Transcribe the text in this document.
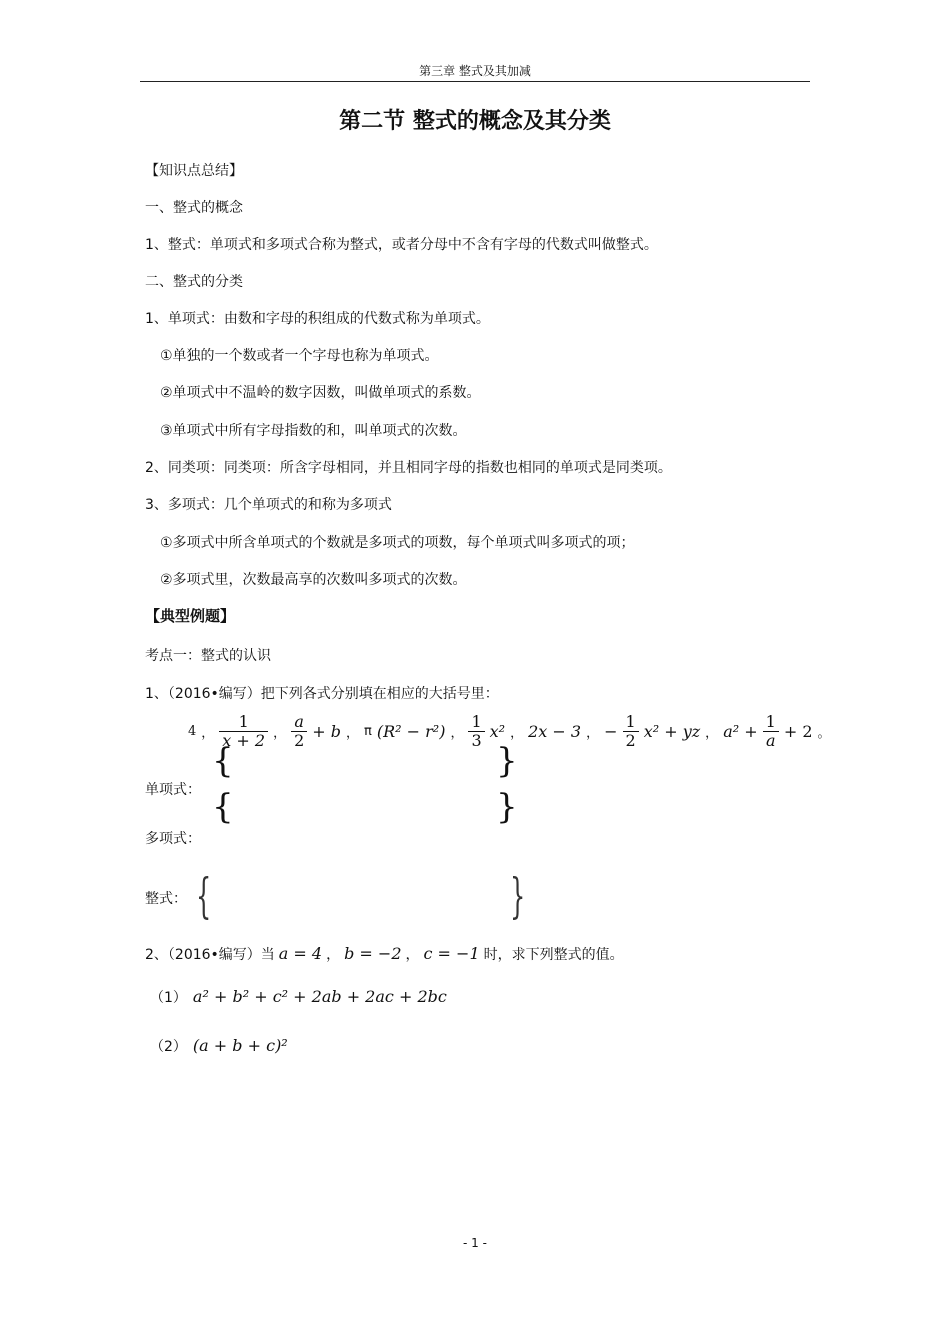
第三章 整式及其加减
第二节 整式的概念及其分类
【知识点总结】
一、整式的概念
1、整式：单项式和多项式合称为整式，或者分母中不含有字母的代数式叫做整式。
二、整式的分类
1、单项式：由数和字母的积组成的代数式称为单项式。
①单独的一个数或者一个字母也称为单项式。
②单项式中不温岭的数字因数，叫做单项式的系数。
③单项式中所有字母指数的和，叫单项式的次数。
2、同类项：同类项：所含字母相同，并且相同字母的指数也相同的单项式是同类项。
3、多项式：几个单项式的和称为多项式
①多项式中所含单项式的个数就是多项式的项数，每个单项式叫多项式的项；
②多项式里，次数最高享的次数叫多项式的次数。
【典型例题】
考点一：整式的认识
1、（2016•编写）把下列各式分别填在相应的大括号里：
4 ， $\frac{1}{x + 2}$ ， $\frac{a}{2} + b$ ， π (R² − r²) ， $\frac{1}{3} x^2$ ， 2x − 3 ， − $\frac{1}{2} x^2$ + yz ， $a^2 + \frac{1}{a} + 2$ 。
{	}
单项式： {	}
多项式：
整式： {	}
2、（2016•编写）当 a = 4 ， b = −2 ， c = −1 时，求下列整式的值。
（1） a² + b² + c² + 2ab + 2ac + 2bc
（2） (a + b + c)²
- 1 -
